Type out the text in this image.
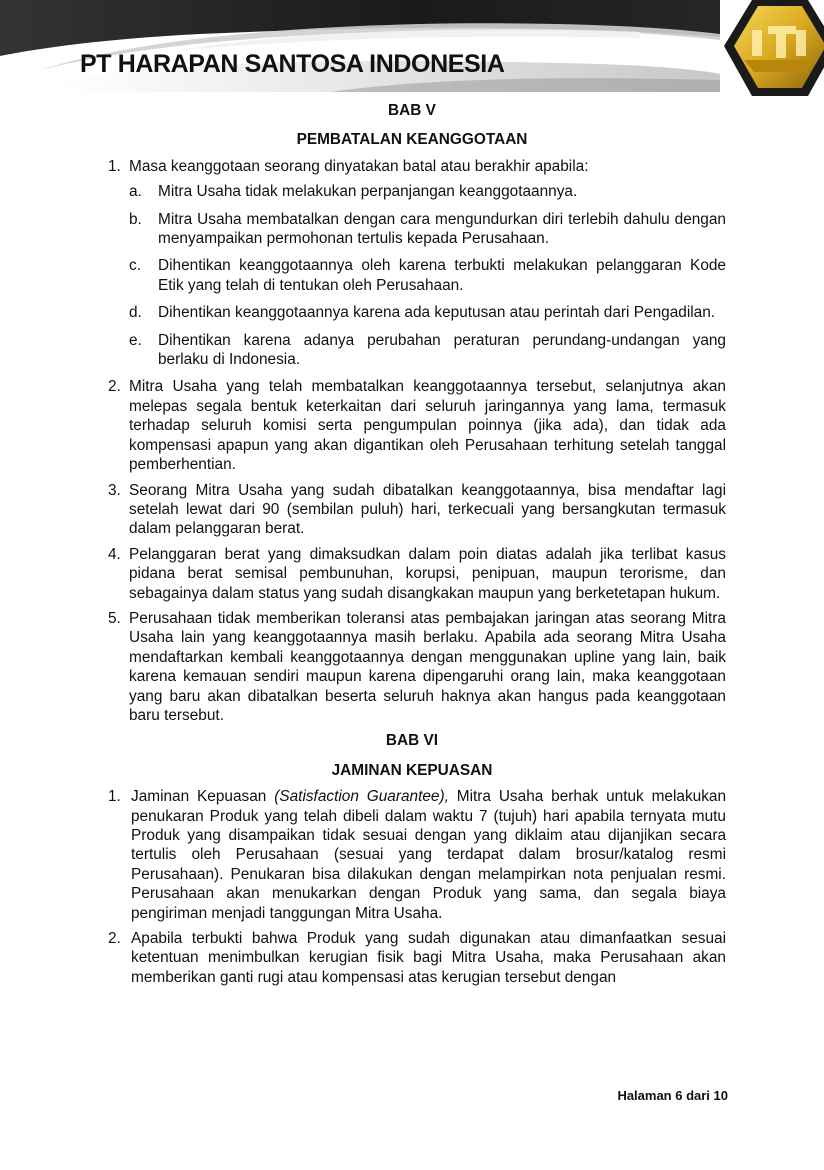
PT HARAPAN SANTOSA INDONESIA
BAB V
PEMBATALAN KEANGGOTAAN
1. Masa keanggotaan seorang dinyatakan batal atau berakhir apabila:
a. Mitra Usaha tidak melakukan perpanjangan keanggotaannya.
b. Mitra Usaha membatalkan dengan cara mengundurkan diri terlebih dahulu dengan menyampaikan permohonan tertulis kepada Perusahaan.
c. Dihentikan keanggotaannya oleh karena terbukti melakukan pelanggaran Kode Etik yang telah di tentukan oleh Perusahaan.
d. Dihentikan keanggotaannya karena ada keputusan atau perintah dari Pengadilan.
e. Dihentikan karena adanya perubahan peraturan perundang-undangan yang berlaku di Indonesia.
2. Mitra Usaha yang telah membatalkan keanggotaannya tersebut, selanjutnya akan melepas segala bentuk keterkaitan dari seluruh jaringannya yang lama, termasuk terhadap seluruh komisi serta pengumpulan poinnya (jika ada), dan tidak ada kompensasi apapun yang akan digantikan oleh Perusahaan terhitung setelah tanggal pemberhentian.
3. Seorang Mitra Usaha yang sudah dibatalkan keanggotaannya, bisa mendaftar lagi setelah lewat dari 90 (sembilan puluh) hari, terkecuali yang bersangkutan termasuk dalam pelanggaran berat.
4. Pelanggaran berat yang dimaksudkan dalam poin diatas adalah jika terlibat kasus pidana berat semisal pembunuhan, korupsi, penipuan, maupun terorisme, dan sebagainya dalam status yang sudah disangkakan maupun yang berketetapan hukum.
5. Perusahaan tidak memberikan toleransi atas pembajakan jaringan atas seorang Mitra Usaha lain yang keanggotaannya masih berlaku. Apabila ada seorang Mitra Usaha mendaftarkan kembali keanggotaannya dengan menggunakan upline yang lain, baik karena kemauan sendiri maupun karena dipengaruhi orang lain, maka keanggotaan yang baru akan dibatalkan beserta seluruh haknya akan hangus pada keanggotaan baru tersebut.
BAB VI
JAMINAN KEPUASAN
1. Jaminan Kepuasan (Satisfaction Guarantee), Mitra Usaha berhak untuk melakukan penukaran Produk yang telah dibeli dalam waktu 7 (tujuh) hari apabila ternyata mutu Produk yang disampaikan tidak sesuai dengan yang diklaim atau dijanjikan secara tertulis oleh Perusahaan (sesuai yang terdapat dalam brosur/katalog resmi Perusahaan). Penukaran bisa dilakukan dengan melampirkan nota penjualan resmi. Perusahaan akan menukarkan dengan Produk yang sama, dan segala biaya pengiriman menjadi tanggungan Mitra Usaha.
2. Apabila terbukti bahwa Produk yang sudah digunakan atau dimanfaatkan sesuai ketentuan menimbulkan kerugian fisik bagi Mitra Usaha, maka Perusahaan akan memberikan ganti rugi atau kompensasi atas kerugian tersebut dengan
Halaman 6 dari 10
